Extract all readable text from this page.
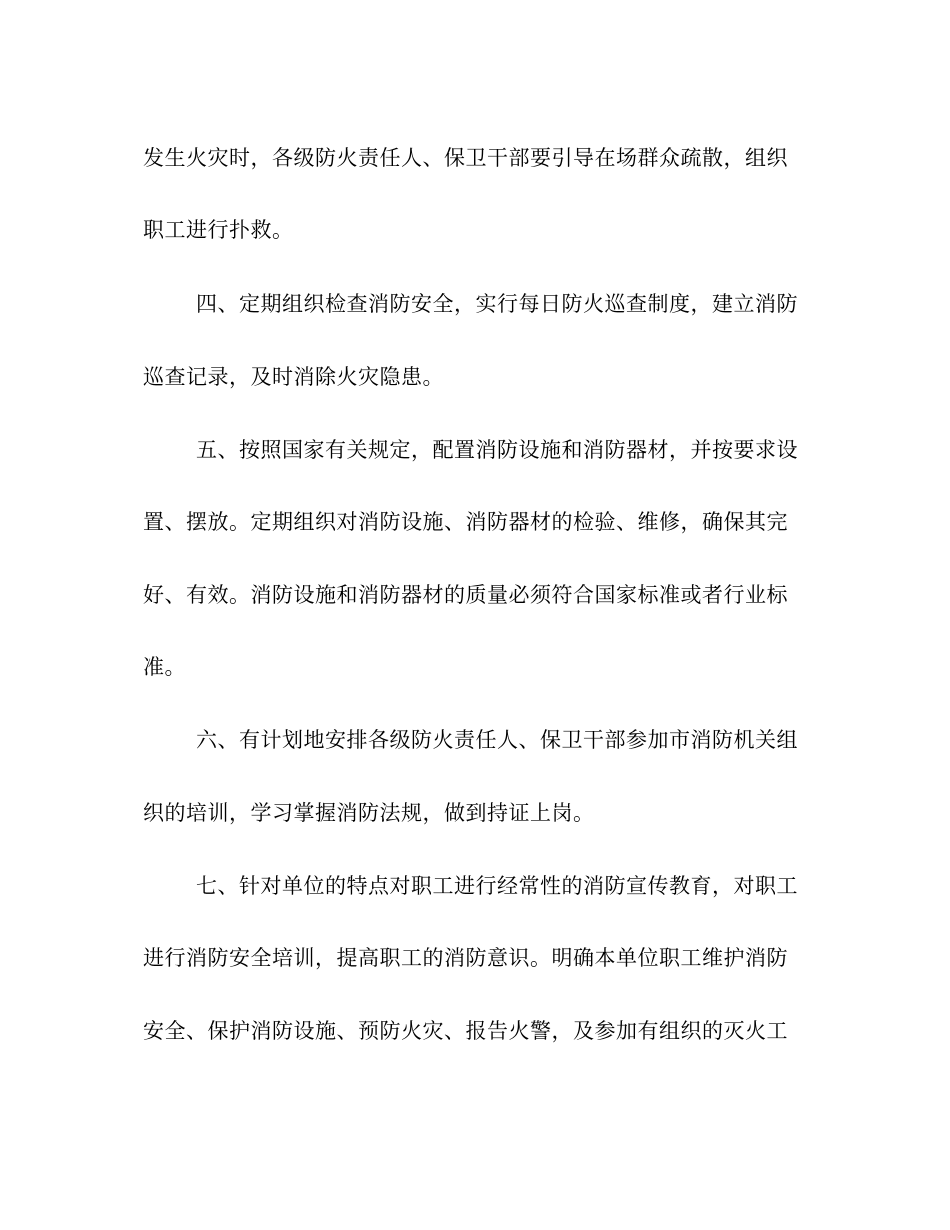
发生火灾时，各级防火责任人、保卫干部要引导在场群众疏散，组织
职工进行扑救。
四、定期组织检查消防安全，实行每日防火巡查制度，建立消防
巡查记录，及时消除火灾隐患。
五、按照国家有关规定，配置消防设施和消防器材，并按要求设
置、摆放。定期组织对消防设施、消防器材的检验、维修，确保其完
好、有效。消防设施和消防器材的质量必须符合国家标准或者行业标
准。
六、有计划地安排各级防火责任人、保卫干部参加市消防机关组
织的培训，学习掌握消防法规，做到持证上岗。
七、针对单位的特点对职工进行经常性的消防宣传教育，对职工
进行消防安全培训，提高职工的消防意识。明确本单位职工维护消防
安全、保护消防设施、预防火灾、报告火警，及参加有组织的灭火工
